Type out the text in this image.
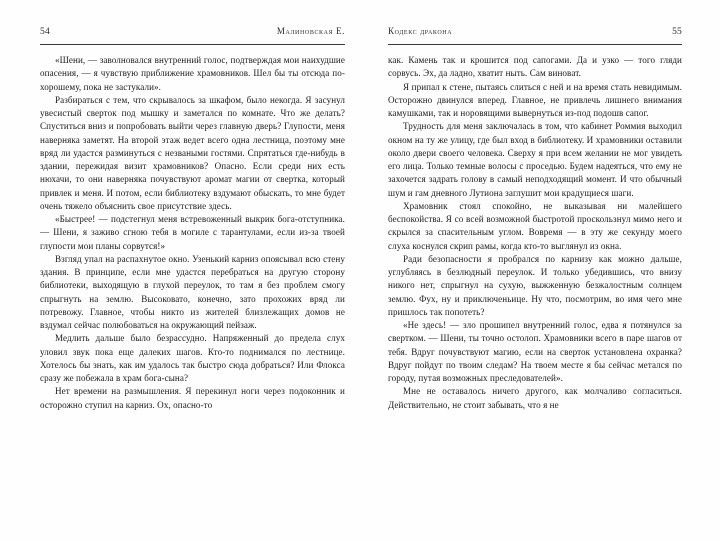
54	Малиновская Е.

«Шени, — заволновался внутренний голос, подтверждая мои наихудшие опасения, — я чувствую приближение храмовников. Шел бы ты отсюда по-хорошему, пока не застукали».

Разбираться с тем, что скрывалось за шкафом, было некогда. Я засунул увесистый сверток под мышку и заметался по комнате. Что же делать? Спуститься вниз и попробовать выйти через главную дверь? Глупости, меня наверняка заметят. На второй этаж ведет всего одна лестница, поэтому мне вряд ли удастся разминуться с незваными гостями. Спрятаться где-нибудь в здании, пережидая визит храмовников? Опасно. Если среди них есть нюхачи, то они наверняка почувствуют аромат магии от свертка, который привлек и меня. И потом, если библиотеку вздумают обыскать, то мне будет очень тяжело объяснить свое присутствие здесь.

«Быстрее! — подстегнул меня встревоженный выкрик бога-отступника. — Шени, я заживо сгною тебя в могиле с тарантулами, если из-за твоей глупости мои планы сорвутся!»

Взгляд упал на распахнутое окно. Узенький карниз опоясывал всю стену здания. В принципе, если мне удастся перебраться на другую сторону библиотеки, выходящую в глухой переулок, то там я без проблем смогу спрыгнуть на землю. Высоковато, конечно, зато прохожих вряд ли потревожу. Главное, чтобы никто из жителей близлежащих домов не вздумал сейчас полюбоваться на окружающий пейзаж.

Медлить дальше было безрассудно. Напряженный до предела слух уловил звук пока еще далеких шагов. Кто-то поднимался по лестнице. Хотелось бы знать, как им удалось так быстро сюда добраться? Или Флокса сразу же побежала в храм бога-сына?

Нет времени на размышления. Я перекинул ноги через подоконник и осторожно ступил на карниз. Ох, опасно-то

Кодекс дракона	55

как. Камень так и крошится под сапогами. Да и узко — того гляди сорвусь. Эх, да ладно, хватит ныть. Сам виноват.

Я припал к стене, пытаясь слиться с ней и на время стать невидимым. Осторожно двинулся вперед. Главное, не привлечь лишнего внимания камушками, так и норовящими вывернуться из-под подошв сапог.

Трудность для меня заключалась в том, что кабинет Роммия выходил окном на ту же улицу, где был вход в библиотеку. И храмовники оставили около двери своего человека. Сверху я при всем желании не мог увидеть его лица. Только темные волосы с проседью. Будем надеяться, что ему не захочется задрать голову в самый неподходящий момент. И что обычный шум и гам дневного Лутиона заглушит мои крадущиеся шаги.

Храмовник стоял спокойно, не выказывая ни малейшего беспокойства. Я со всей возможной быстротой проскользнул мимо него и скрылся за спасительным углом. Вовремя — в эту же секунду моего слуха коснулся скрип рамы, когда кто-то выглянул из окна.

Ради безопасности я пробрался по карнизу как можно дальше, углубляясь в безлюдный переулок. И только убедившись, что внизу никого нет, спрыгнул на сухую, выжженную безжалостным солнцем землю. Фух, ну и приключеньице. Ну что, посмотрим, во имя чего мне пришлось так попотеть?

«Не здесь! — зло прошипел внутренний голос, едва я потянулся за свертком. — Шени, ты точно остолоп. Храмовники всего в паре шагов от тебя. Вдруг почувствуют магию, если на сверток установлена охранка? Вдруг пойдут по твоим следам? На твоем месте я бы сейчас метался по городу, путая возможных преследователей».

Мне не оставалось ничего другого, как молчаливо согласиться. Действительно, не стоит забывать, что я не
